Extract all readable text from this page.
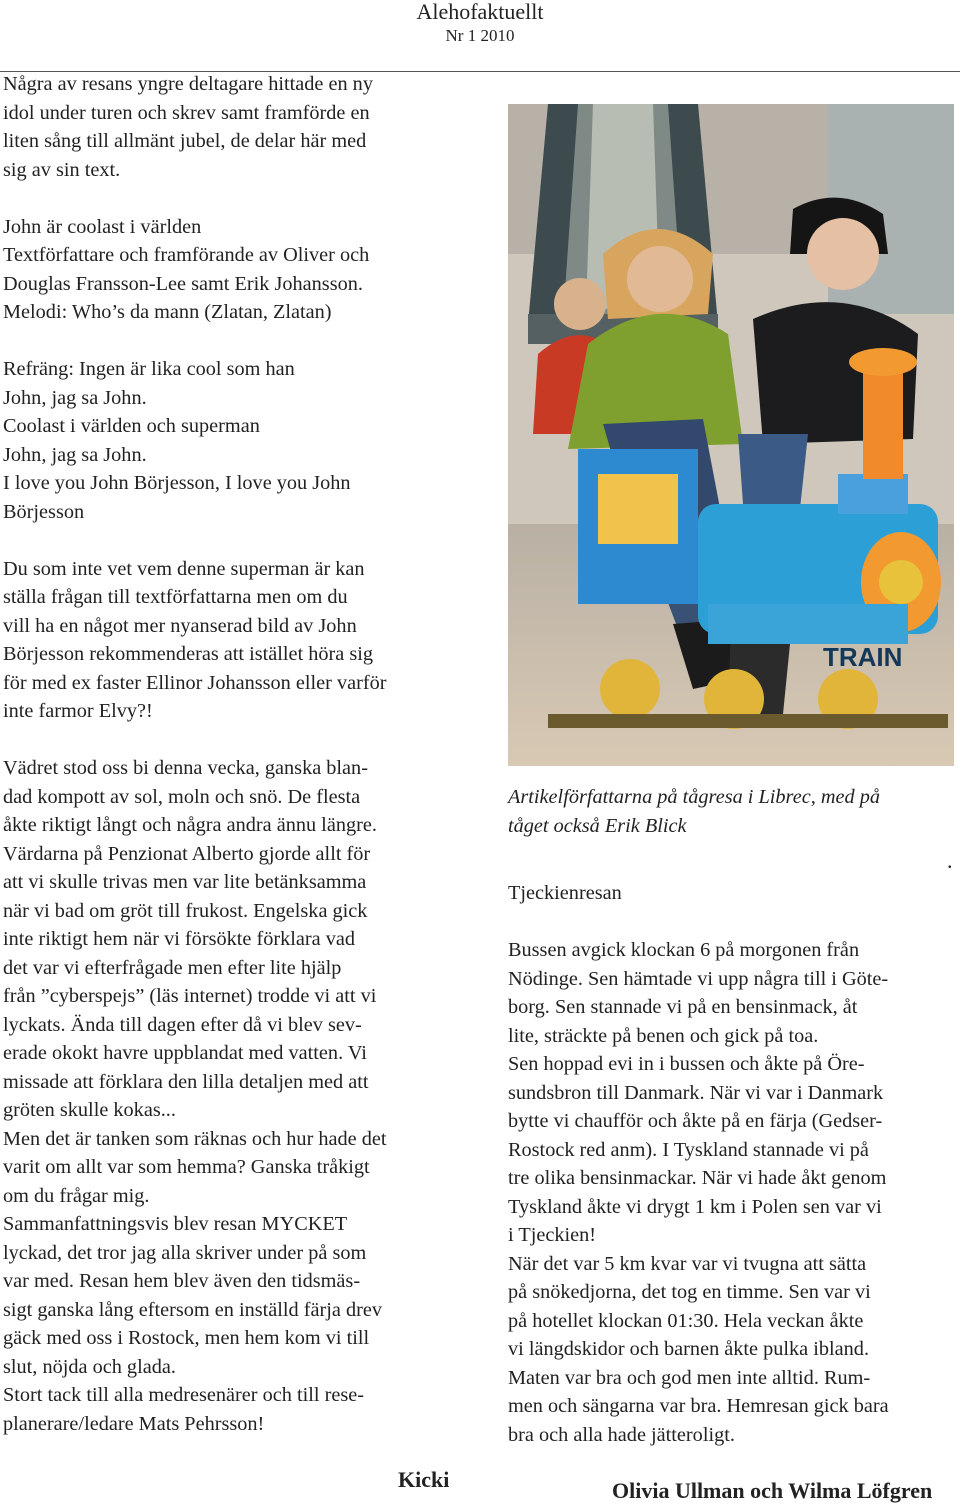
Alehofaktuellt
Nr 1 2010

Några av resans yngre deltagare hittade en ny

idol under turen och skrev samt framförde en

liten sång till allmänt jubel, de delar här med

sig av sin text.

John är coolast i världen

Textförfattare och framförande av Oliver och

Douglas Fransson-Lee samt Erik Johansson.

Melodi: Who’s da mann (Zlatan, Zlatan)

Refräng: Ingen är lika cool som han

John, jag sa John.

Coolast i världen och superman

John, jag sa John.

I love you John Börjesson, I love you John

Börjesson

Du som inte vet vem denne superman är kan

ställa frågan till textförfattarna men om du

vill ha en något mer nyanserad bild av John

Börjesson rekommenderas att istället höra sig

för med ex faster Ellinor Johansson eller varför

inte farmor Elvy?!

Vädret stod oss bi denna vecka, ganska blan-

dad kompott av sol, moln och snö. De flesta

åkte riktigt långt och några andra ännu längre.

Värdarna på Penzionat Alberto gjorde allt för

att vi skulle trivas men var lite betänksamma

när vi bad om gröt till frukost. Engelska gick

inte riktigt hem när vi försökte förklara vad

det var vi efterfrågade men efter lite hjälp

från ”cyberspejs” (läs internet) trodde vi att vi

lyckats. Ända till dagen efter då vi blev sev-

erade okokt havre uppblandat med vatten. Vi

missade att förklara den lilla detaljen med att

gröten skulle kokas...

Men det är tanken som räknas och hur hade det

varit om allt var som hemma? Ganska tråkigt

om du frågar mig.

Sammanfattningsvis blev resan MYCKET

lyckad, det tror jag alla skriver under på som

var med. Resan hem blev även den tidsmäs-

sigt ganska lång eftersom en inställd färja drev

gäck med oss i Rostock, men hem kom vi till

slut, nöjda och glada.

Stort tack till alla medresenärer och till rese-

planerare/ledare Mats Pehrsson!

TRAIN

Artikelförfattarna på tågresa i Librec, med på

tåget också Erik Blick

.

Tjeckienresan

Bussen avgick klockan 6 på morgonen från

Nödinge. Sen hämtade vi upp några till i Göte-

borg. Sen stannade vi på en bensinmack, åt

lite, sträckte på benen och gick på toa.

Sen hoppad evi in i bussen och åkte på Öre-

sundsbron till Danmark. När vi var i Danmark

bytte vi chaufför och åkte på en färja (Gedser-

Rostock red anm). I Tyskland stannade vi på

tre olika bensinmackar. När vi hade åkt genom

Tyskland åkte vi drygt 1 km i Polen sen var vi

i Tjeckien!

När det var 5 km kvar var vi tvugna att sätta

på snökedjorna, det tog en timme. Sen var vi

på hotellet klockan 01:30. Hela veckan åkte

vi längdskidor och barnen åkte pulka ibland.

Maten var bra och god men inte alltid. Rum-

men och sängarna var bra. Hemresan gick bara

bra och alla hade jätteroligt.

Kicki	Olivia Ullman och Wilma Löfgren
